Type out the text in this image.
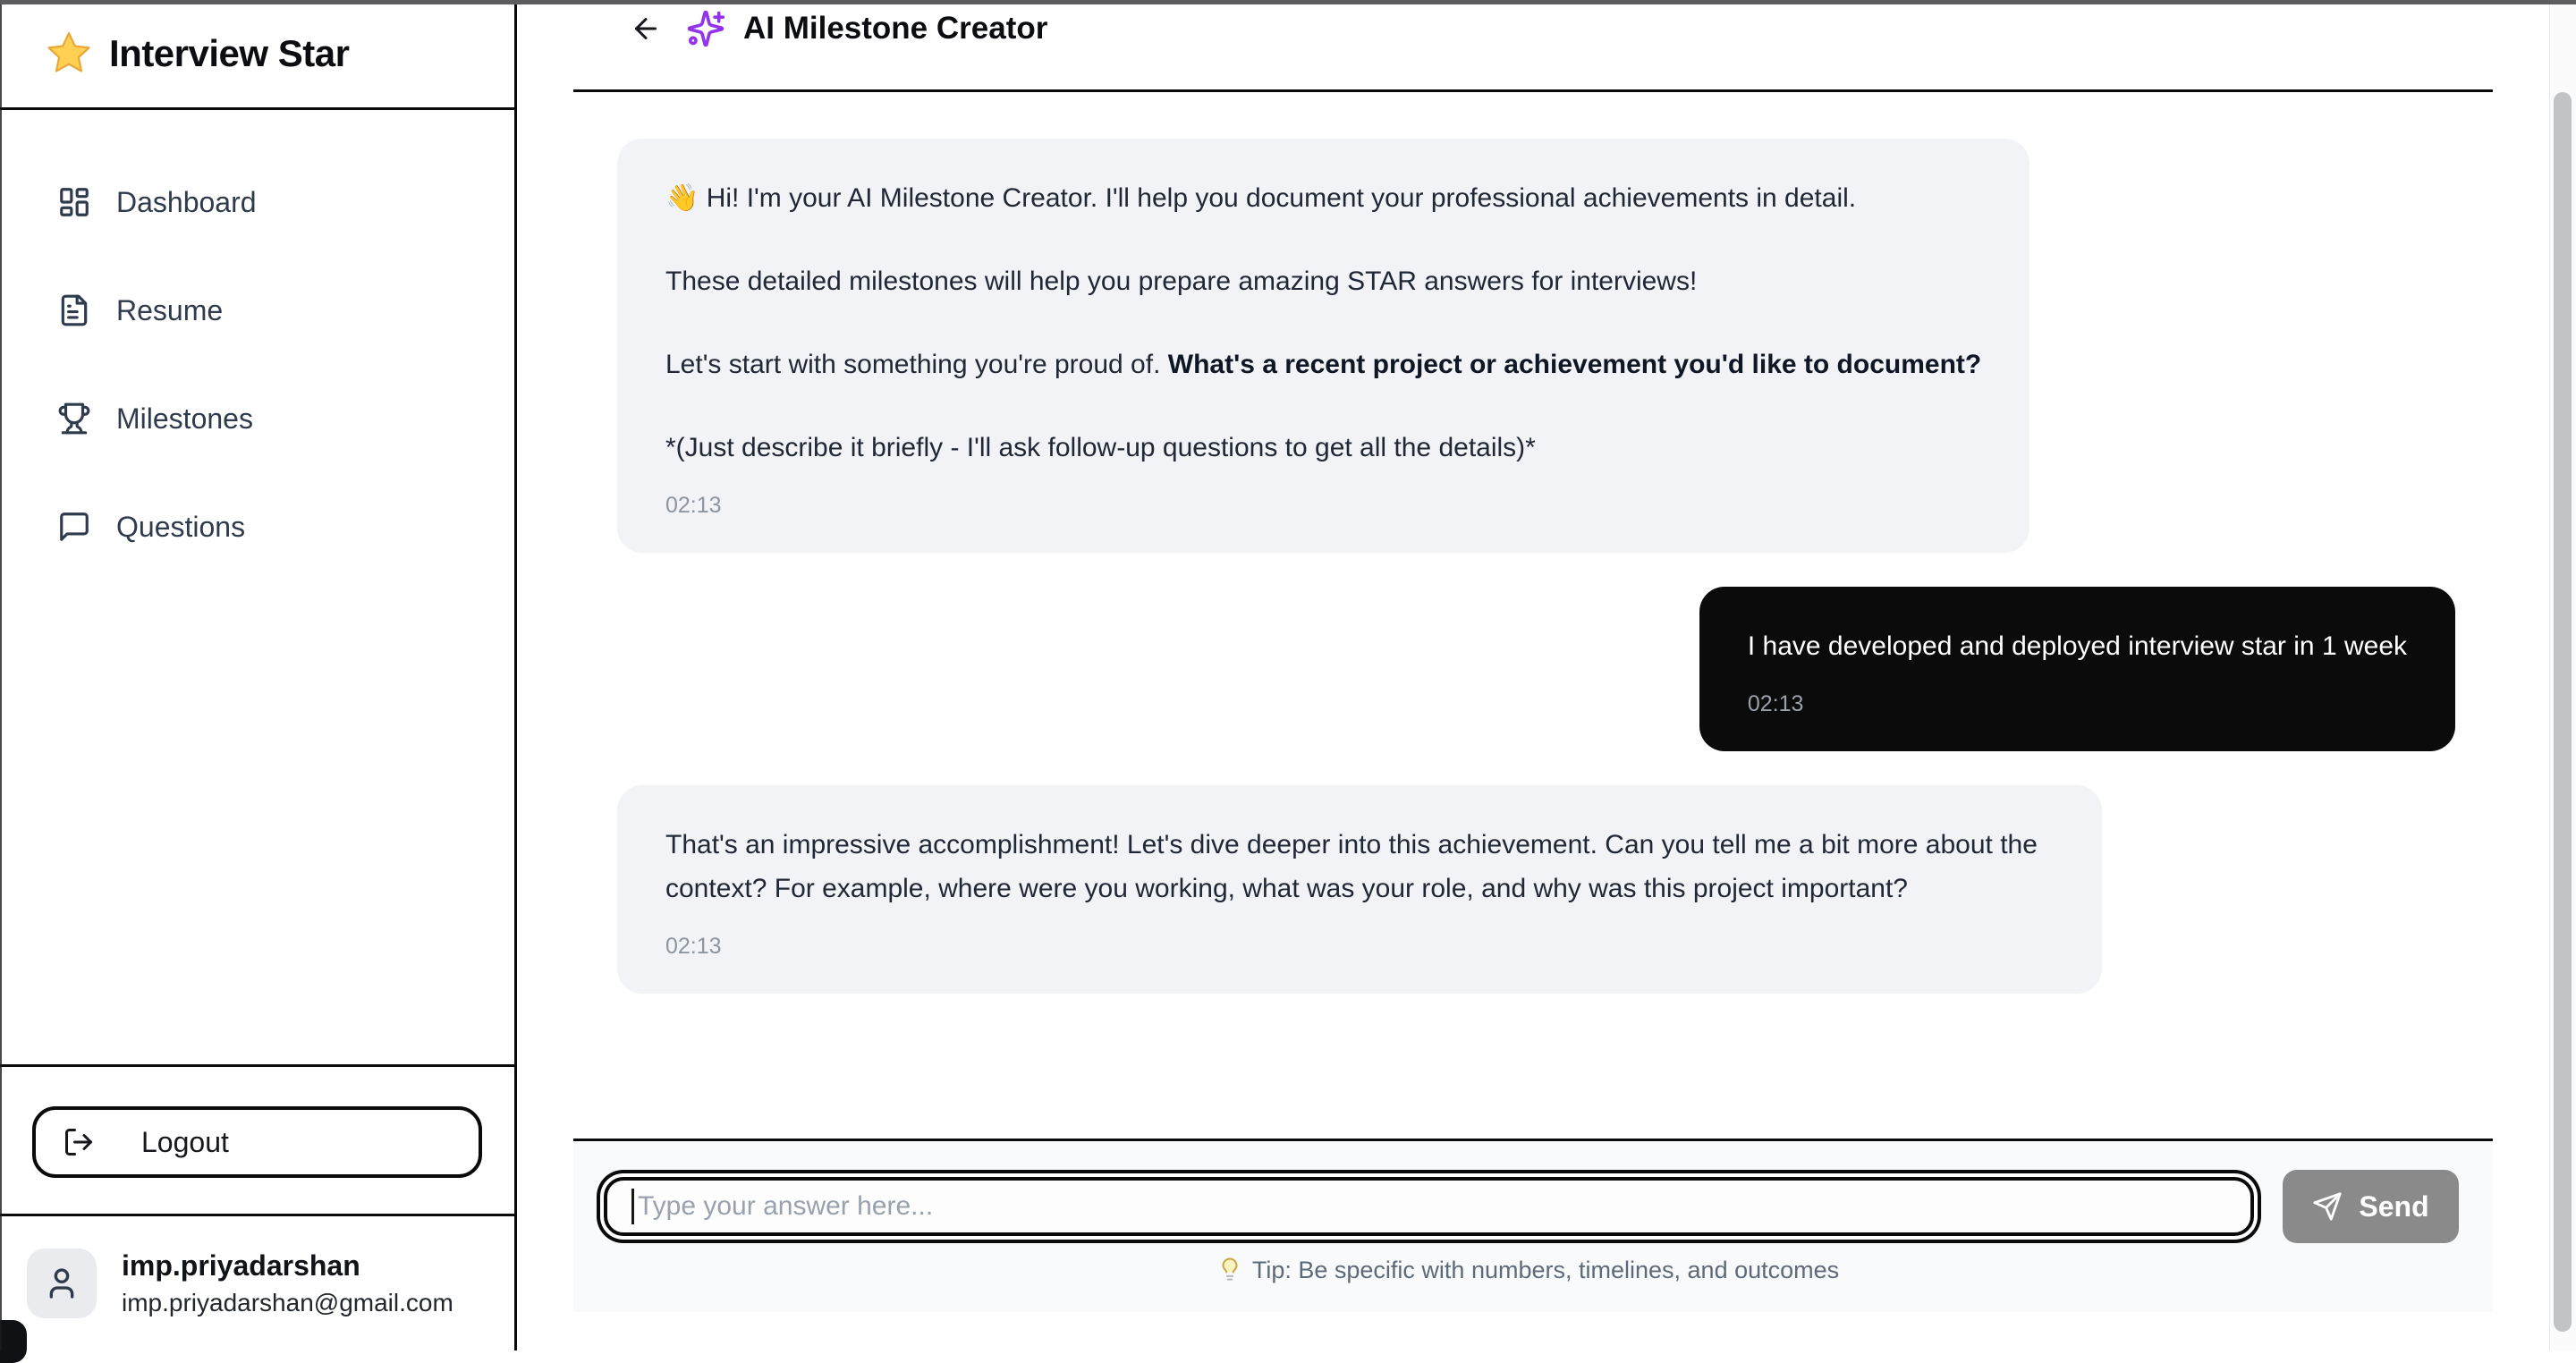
Interview Star
Dashboard
Resume
Milestones
Questions
Logout
imp.priyadarshan
imp.priyadarshan@gmail.com
AI Milestone Creator

👋 Hi! I'm your AI Milestone Creator. I'll help you document your professional achievements in detail.

These detailed milestones will help you prepare amazing STAR answers for interviews!

Let's start with something you're proud of. What's a recent project or achievement you'd like to document?

*(Just describe it briefly - I'll ask follow-up questions to get all the details)*

02:13

I have developed and deployed interview star in 1 week

02:13

That's an impressive accomplishment! Let's dive deeper into this achievement. Can you tell me a bit more about the context? For example, where were you working, what was your role, and why was this project important?

02:13
Type your answer here...
Send
Tip: Be specific with numbers, timelines, and outcomes
